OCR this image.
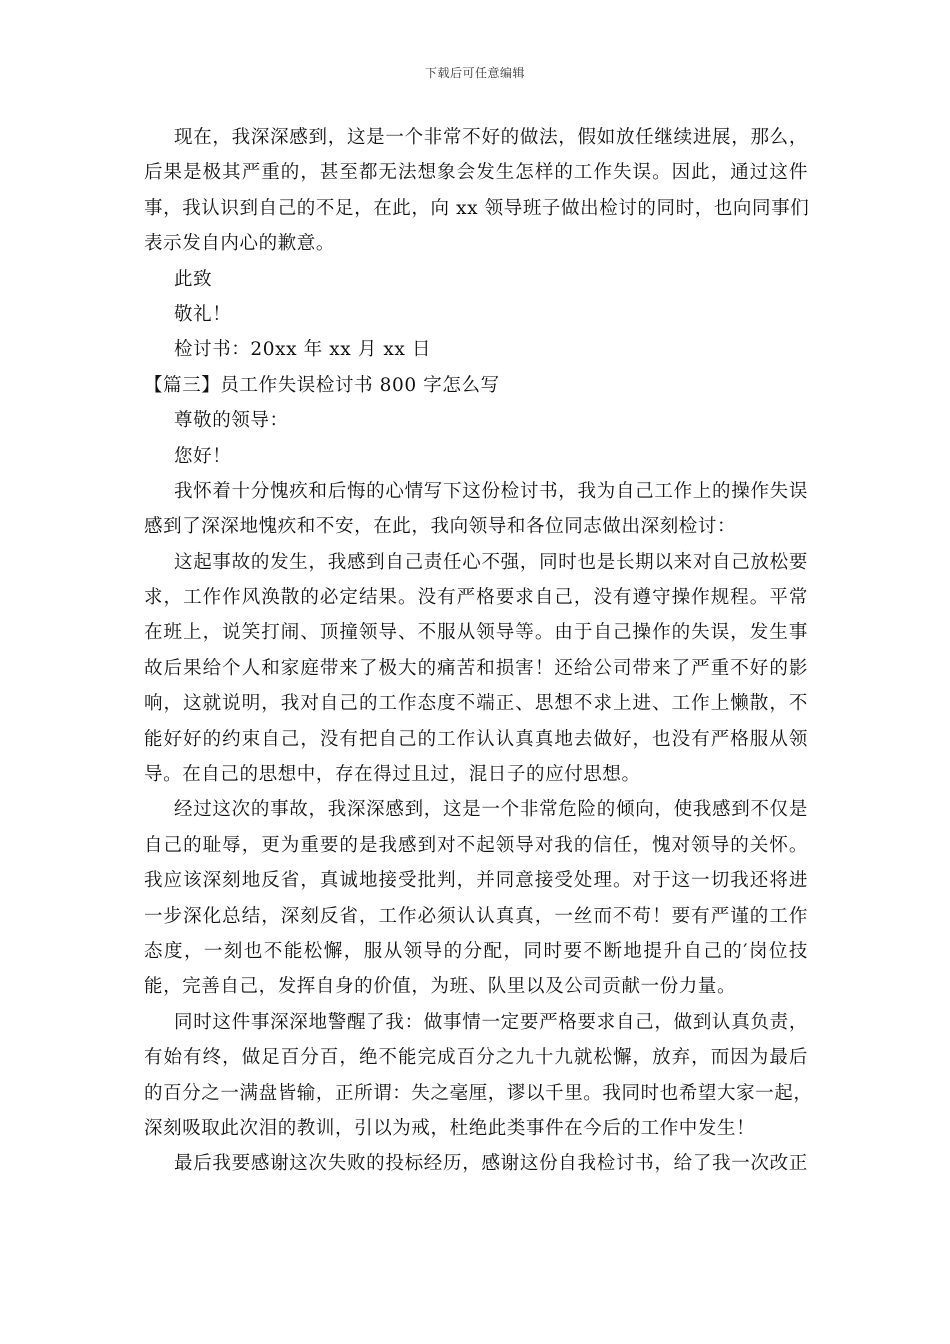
下载后可任意编辑
现在，我深深感到，这是一个非常不好的做法，假如放任继续进展，那么，
后果是极其严重的，甚至都无法想象会发生怎样的工作失误。因此，通过这件
事，我认识到自己的不足，在此，向 xx 领导班子做出检讨的同时，也向同事们
表示发自内心的歉意。
此致
敬礼！
检讨书：20xx 年 xx 月 xx 日
【篇三】员工作失误检讨书 800 字怎么写
尊敬的领导：
您好！
我怀着十分愧疚和后悔的心情写下这份检讨书，我为自己工作上的操作失误
感到了深深地愧疚和不安，在此，我向领导和各位同志做出深刻检讨：
这起事故的发生，我感到自己责任心不强，同时也是长期以来对自己放松要
求，工作作风涣散的必定结果。没有严格要求自己，没有遵守操作规程。平常
在班上，说笑打闹、顶撞领导、不服从领导等。由于自己操作的失误，发生事
故后果给个人和家庭带来了极大的痛苦和损害！还给公司带来了严重不好的影
响，这就说明，我对自己的工作态度不端正、思想不求上进、工作上懒散，不
能好好的约束自己，没有把自己的工作认认真真地去做好，也没有严格服从领
导。在自己的思想中，存在得过且过，混日子的应付思想。
经过这次的事故，我深深感到，这是一个非常危险的倾向，使我感到不仅是
自己的耻辱，更为重要的是我感到对不起领导对我的信任，愧对领导的关怀。
我应该深刻地反省，真诚地接受批判，并同意接受处理。对于这一切我还将进
一步深化总结，深刻反省，工作必须认认真真，一丝而不苟！要有严谨的工作
态度，一刻也不能松懈，服从领导的分配，同时要不断地提升自己的′岗位技
能，完善自己，发挥自身的价值，为班、队里以及公司贡献一份力量。
同时这件事深深地警醒了我：做事情一定要严格要求自己，做到认真负责，
有始有终，做足百分百，绝不能完成百分之九十九就松懈，放弃，而因为最后
的百分之一满盘皆输，正所谓：失之毫厘，谬以千里。我同时也希望大家一起，
深刻吸取此次泪的教训，引以为戒，杜绝此类事件在今后的工作中发生！
最后我要感谢这次失败的投标经历，感谢这份自我检讨书，给了我一次改正
